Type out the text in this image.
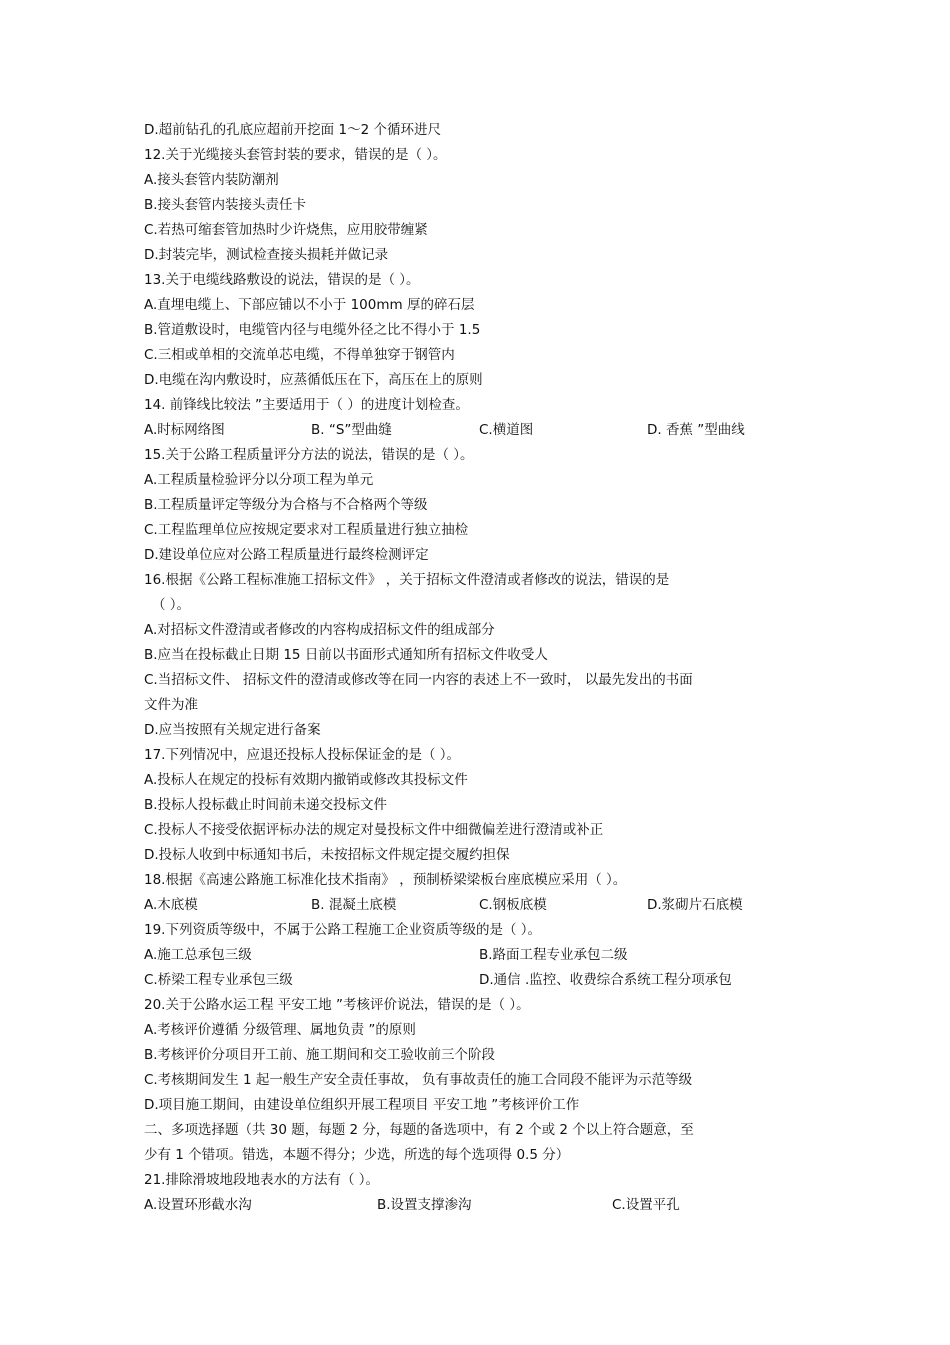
D.超前钻孔的孔底应超前开挖面 1～2 个循环进尺
12.关于光缆接头套管封装的要求，错误的是（ ）。
A.接头套管内装防潮剂
B.接头套管内装接头责任卡
C.若热可缩套管加热时少许烧焦，应用胶带缠紧
D.封装完毕，测试检查接头损耗并做记录
13.关于电缆线路敷设的说法，错误的是（ ）。
A.直埋电缆上、下部应铺以不小于 100mm 厚的碎石层
B.管道敷设时，电缆管内径与电缆外径之比不得小于 1.5
C.三相或单相的交流单芯电缆，不得单独穿于钢管内
D.电缆在沟内敷设时，应蒸循低压在下，高压在上的原则
14. 前锋线比较法 ”主要适用于（ ）的进度计划检查。
A.时标网络图	B. “S”型曲缝	C.横道图	D. 香蕉 ”型曲线
15.关于公路工程质量评分方法的说法，错误的是（ ）。
A.工程质量检验评分以分项工程为单元
B.工程质量评定等级分为合格与不合格两个等级
C.工程监理单位应按规定要求对工程质量进行独立抽检
D.建设单位应对公路工程质量进行最终检测评定
16.根据《公路工程标准施工招标文件》 ，关于招标文件澄清或者修改的说法，错误的是
（ ）。
A.对招标文件澄清或者修改的内容构成招标文件的组成部分
B.应当在投标截止日期 15 日前以书面形式通知所有招标文件收受人
C.当招标文件、 招标文件的澄清或修改等在同一内容的表述上不一致时， 以最先发出的书面
文件为准
D.应当按照有关规定进行备案
17.下列情况中，应退还投标人投标保证金的是（ ）。
A.投标人在规定的投标有效期内撤销或修改其投标文件
B.投标人投标截止时间前未递交投标文件
C.投标人不接受依据评标办法的规定对曼投标文件中细微偏差进行澄清或补正
D.投标人收到中标通知书后，未按招标文件规定提交履约担保
18.根据《高速公路施工标准化技术指南》 ，预制桥梁梁板台座底模应采用（ ）。
A.木底模	B. 混凝土底模	C.钢板底模	D.浆砌片石底模
19.下列资质等级中，不属于公路工程施工企业资质等级的是（ ）。
A.施工总承包三级	B.路面工程专业承包二级
C.桥梁工程专业承包三级	D.通信 .监控、收费综合系统工程分项承包
20.关于公路水运工程 平安工地 ”考核评价说法，错误的是（ ）。
A.考核评价遵循 分级管理、属地负责 ”的原则
B.考核评价分项目开工前、施工期间和交工验收前三个阶段
C.考核期间发生 1 起一般生产安全责任事故， 负有事故责任的施工合同段不能评为示范等级
D.项目施工期间，由建设单位组织开展工程项目 平安工地 ”考核评价工作
二、多项选择题（共 30 题，每题 2 分，每题的备选项中，有 2 个或 2 个以上符合题意，至
少有 1 个错项。错选，本题不得分；少选，所选的每个选项得 0.5 分）
21.排除滑坡地段地表水的方法有（ ）。
A.设置环形截水沟	B.设置支撑渗沟	C.设置平孔
